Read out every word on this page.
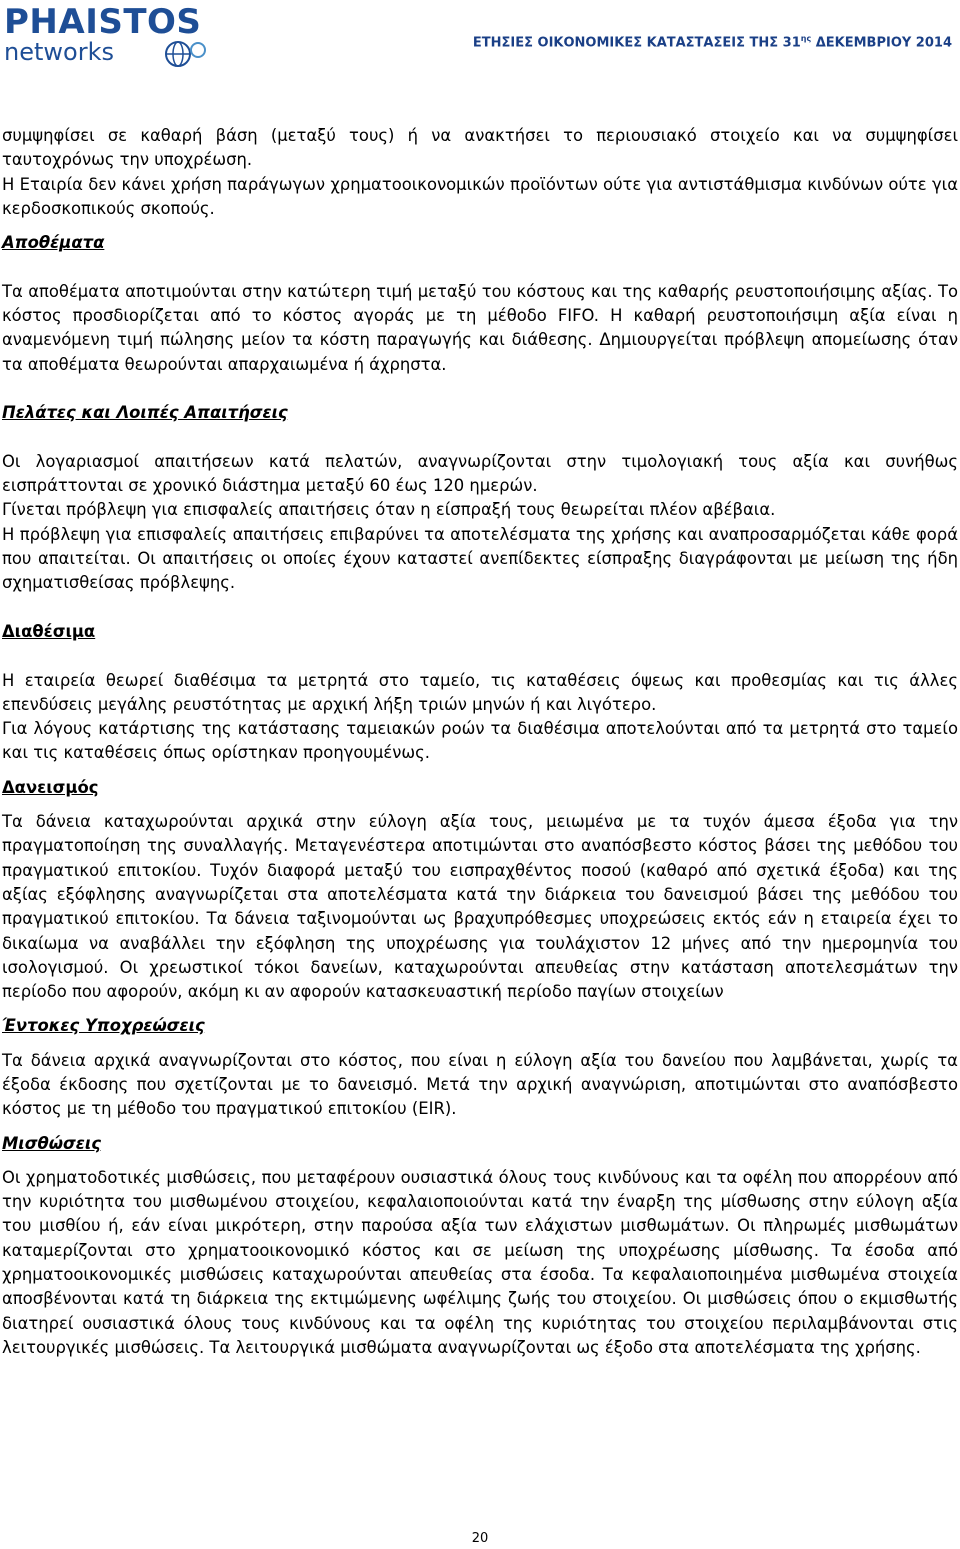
PHAISTOS
networks	ΕΤΗΣΙΕΣ ΟΙΚΟΝΟΜΙΚΕΣ ΚΑΤΑΣΤΑΣΕΙΣ ΤΗΣ $31^{\eta\varsigma}$ ΔΕΚΕΜΒΡΙΟΥ 2014

συμψηφίσει σε καθαρή βάση (μεταξύ τους) ή να ανακτήσει το περιουσιακό στοιχείο και να συμψηφίσει ταυτοχρόνως την υποχρέωση.

Η Εταιρία δεν κάνει χρήση παράγωγων χρηματοοικονομικών προϊόντων ούτε για αντιστάθμισμα κινδύνων ούτε για κερδοσκοπικούς σκοπούς.

Αποθέματα

Τα αποθέματα αποτιμούνται στην κατώτερη τιμή μεταξύ του κόστους και της καθαρής ρευστοποιήσιμης αξίας. Το κόστος προσδιορίζεται από το κόστος αγοράς με τη μέθοδο FIFO. Η καθαρή ρευστοποιήσιμη αξία είναι η αναμενόμενη τιμή πώλησης μείον τα κόστη παραγωγής και διάθεσης. Δημιουργείται πρόβλεψη απομείωσης όταν τα αποθέματα θεωρούνται απαρχαιωμένα ή άχρηστα.

Πελάτες και Λοιπές Απαιτήσεις

Οι λογαριασμοί απαιτήσεων κατά πελατών, αναγνωρίζονται στην τιμολογιακή τους αξία και συνήθως εισπράττονται σε χρονικό διάστημα μεταξύ 60 έως 120 ημερών.

Γίνεται πρόβλεψη για επισφαλείς απαιτήσεις όταν η είσπραξή τους θεωρείται πλέον αβέβαια.

Η πρόβλεψη για επισφαλείς απαιτήσεις επιβαρύνει τα αποτελέσματα της χρήσης και αναπροσαρμόζεται κάθε φορά που απαιτείται. Οι απαιτήσεις οι οποίες έχουν καταστεί ανεπίδεκτες είσπραξης διαγράφονται με μείωση της ήδη σχηματισθείσας πρόβλεψης.

Διαθέσιμα

Η εταιρεία θεωρεί διαθέσιμα τα μετρητά στο ταμείο, τις καταθέσεις όψεως και προθεσμίας και τις άλλες επενδύσεις μεγάλης ρευστότητας με αρχική λήξη τριών μηνών ή και λιγότερο.

Για λόγους κατάρτισης της κατάστασης ταμειακών ροών τα διαθέσιμα αποτελούνται από τα μετρητά στο ταμείο και τις καταθέσεις όπως ορίστηκαν προηγουμένως.

Δανεισμός

Τα δάνεια καταχωρούνται αρχικά στην εύλογη αξία τους, μειωμένα με τα τυχόν άμεσα έξοδα για την πραγματοποίηση της συναλλαγής. Μεταγενέστερα αποτιμώνται στο αναπόσβεστο κόστος βάσει της μεθόδου του πραγματικού επιτοκίου. Τυχόν διαφορά μεταξύ του εισπραχθέντος ποσού (καθαρό από σχετικά έξοδα) και της αξίας εξόφλησης αναγνωρίζεται στα αποτελέσματα κατά την διάρκεια του δανεισμού βάσει της μεθόδου του πραγματικού επιτοκίου. Τα δάνεια ταξινομούνται ως βραχυπρόθεσμες υποχρεώσεις εκτός εάν η εταιρεία έχει το δικαίωμα να αναβάλλει την εξόφληση της υποχρέωσης για τουλάχιστον 12 μήνες από την ημερομηνία του ισολογισμού. Οι χρεωστικοί τόκοι δανείων, καταχωρούνται απευθείας στην κατάσταση αποτελεσμάτων την περίοδο που αφορούν, ακόμη κι αν αφορούν κατασκευαστική περίοδο παγίων στοιχείων

Έντοκες Υποχρεώσεις

Τα δάνεια αρχικά αναγνωρίζονται στο κόστος, που είναι η εύλογη αξία του δανείου που λαμβάνεται, χωρίς τα έξοδα έκδοσης που σχετίζονται με το δανεισμό. Μετά την αρχική αναγνώριση, αποτιμώνται στο αναπόσβεστο κόστος με τη μέθοδο του πραγματικού επιτοκίου (EIR).

Μισθώσεις

Οι χρηματοδοτικές μισθώσεις, που μεταφέρουν ουσιαστικά όλους τους κινδύνους και τα οφέλη που απορρέουν από την κυριότητα του μισθωμένου στοιχείου, κεφαλαιοποιούνται κατά την έναρξη της μίσθωσης στην εύλογη αξία του μισθίου ή, εάν είναι μικρότερη, στην παρούσα αξία των ελάχιστων μισθωμάτων. Οι πληρωμές μισθωμάτων καταμερίζονται στο χρηματοοικονομικό κόστος και σε μείωση της υποχρέωσης μίσθωσης. Τα έσοδα από χρηματοοικονομικές μισθώσεις καταχωρούνται απευθείας στα έσοδα. Τα κεφαλαιοποιημένα μισθωμένα στοιχεία αποσβένονται κατά τη διάρκεια της εκτιμώμενης ωφέλιμης ζωής του στοιχείου. Οι μισθώσεις όπου ο εκμισθωτής διατηρεί ουσιαστικά όλους τους κινδύνους και τα οφέλη της κυριότητας του στοιχείου περιλαμβάνονται στις λειτουργικές μισθώσεις. Τα λειτουργικά μισθώματα αναγνωρίζονται ως έξοδο στα αποτελέσματα της χρήσης.

20
